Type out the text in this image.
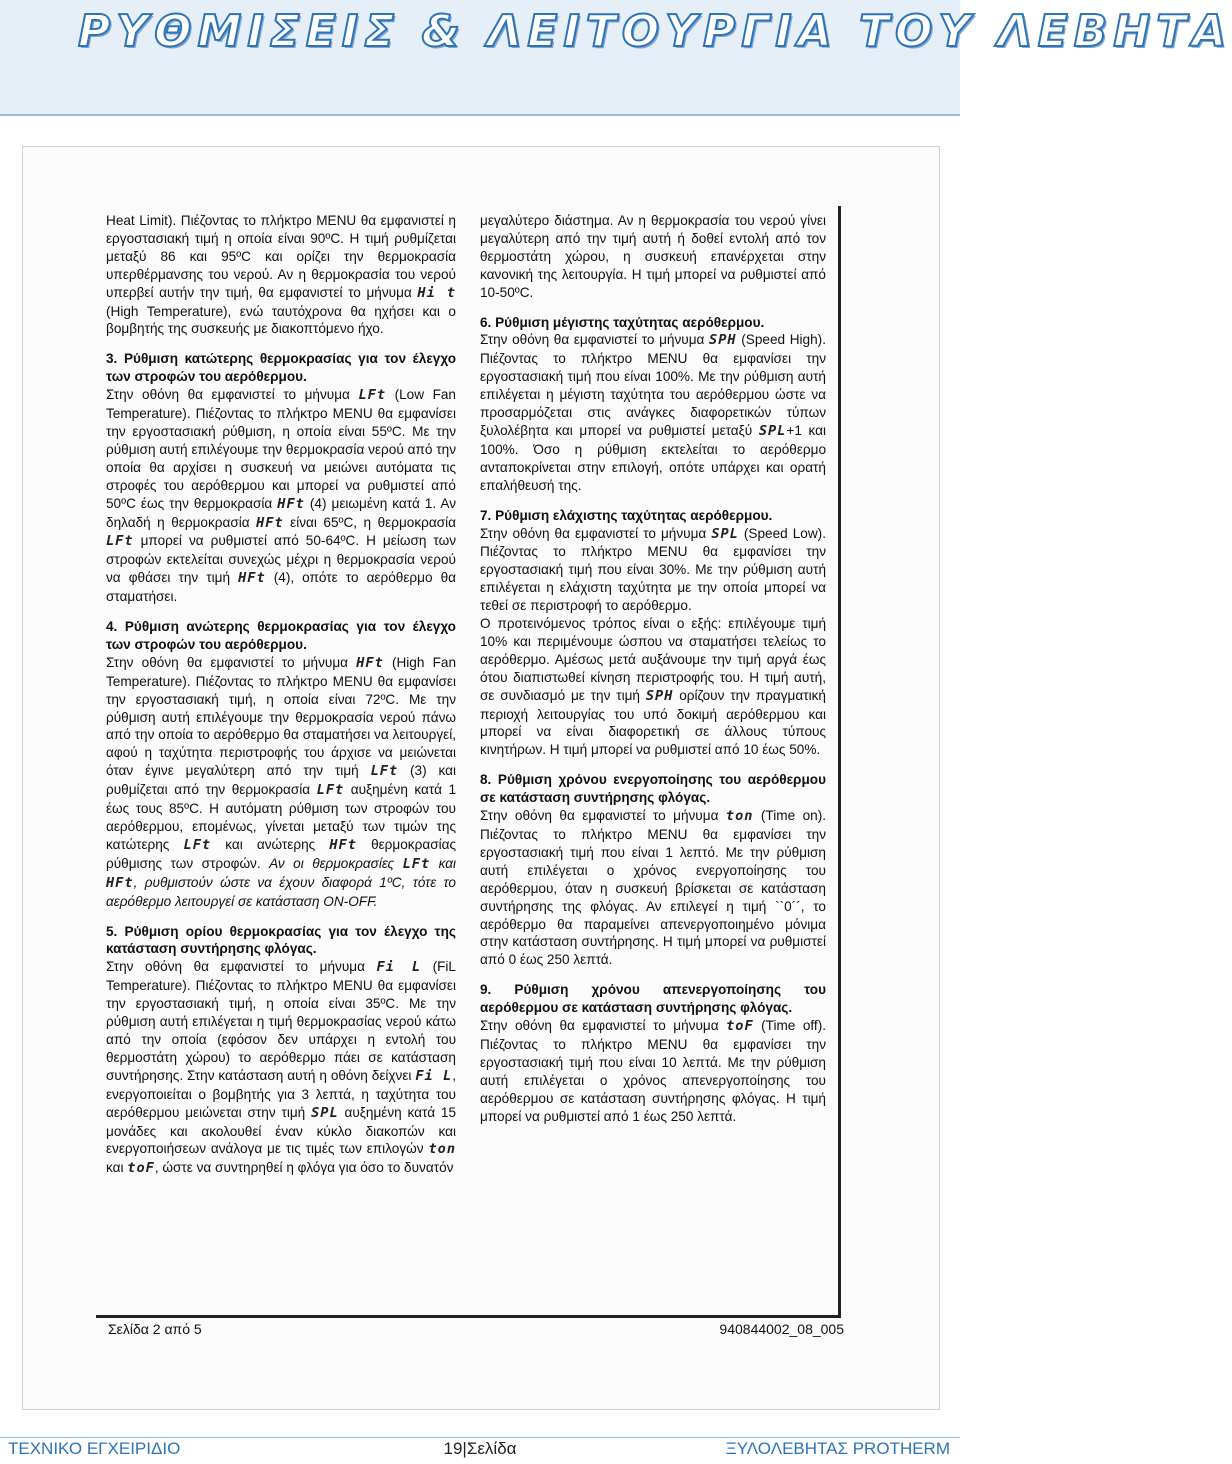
ΡΥΘΜΙΣΕΙΣ & ΛΕΙΤΟΥΡΓΙΑ ΤΟΥ ΛΕΒΗΤΑ

Heat Limit). Πιέζοντας το πλήκτρο MENU θα εμφανιστεί η εργοστασιακή τιμή η οποία είναι 90ºC. Η τιμή ρυθμίζεται μεταξύ 86 και 95ºC και ορίζει την θερμοκρασία υπερθέρμανσης του νερού. Αν η θερμοκρασία του νερού υπερβεί αυτήν την τιμή, θα εμφανιστεί το μήνυμα Hi t (High Temperature), ενώ ταυτόχρονα θα ηχήσει και ο βομβητής της συσκευής με διακοπτόμενο ήχο.

3. Ρύθμιση κατώτερης θερμοκρασίας για τον έλεγχο των στροφών του αερόθερμου.

Στην οθόνη θα εμφανιστεί το μήνυμα LFt (Low Fan Temperature). Πιέζοντας το πλήκτρο MENU θα εμφανίσει την εργοστασιακή ρύθμιση, η οποία είναι 55ºC. Με την ρύθμιση αυτή επιλέγουμε την θερμοκρασία νερού από την οποία θα αρχίσει η συσκευή να μειώνει αυτόματα τις στροφές του αερόθερμου και μπορεί να ρυθμιστεί από 50ºC έως την θερμοκρασία HFt (4) μειωμένη κατά 1. Αν δηλαδή η θερμοκρασία HFt είναι 65ºC, η θερμοκρασία LFt μπορεί να ρυθμιστεί από 50-64ºC. Η μείωση των στροφών εκτελείται συνεχώς μέχρι η θερμοκρασία νερού να φθάσει την τιμή HFt (4), οπότε το αερόθερμο θα σταματήσει.

4. Ρύθμιση ανώτερης θερμοκρασίας για τον έλεγχο των στροφών του αερόθερμου.

Στην οθόνη θα εμφανιστεί το μήνυμα HFt (High Fan Temperature). Πιέζοντας το πλήκτρο MENU θα εμφανίσει την εργοστασιακή τιμή, η οποία είναι 72ºC. Με την ρύθμιση αυτή επιλέγουμε την θερμοκρασία νερού πάνω από την οποία το αερόθερμο θα σταματήσει να λειτουργεί, αφού η ταχύτητα περιστροφής του άρχισε να μειώνεται όταν έγινε μεγαλύτερη από την τιμή LFt (3) και ρυθμίζεται από την θερμοκρασία LFt αυξημένη κατά 1 έως τους 85ºC. Η αυτόματη ρύθμιση των στροφών του αερόθερμου, επομένως, γίνεται μεταξύ των τιμών της κατώτερης LFt και ανώτερης HFt θερμοκρασίας ρύθμισης των στροφών. Αν οι θερμοκρασίες LFt και HFt, ρυθμιστούν ώστε να έχουν διαφορά 1ºC, τότε το αερόθερμο λειτουργεί σε κατάσταση ON-OFF.

5. Ρύθμιση ορίου θερμοκρασίας για τον έλεγχο της κατάσταση συντήρησης φλόγας.

Στην οθόνη θα εμφανιστεί το μήνυμα Fi L (FiL Temperature). Πιέζοντας το πλήκτρο MENU θα εμφανίσει την εργοστασιακή τιμή, η οποία είναι 35ºC. Με την ρύθμιση αυτή επιλέγεται η τιμή θερμοκρασίας νερού κάτω από την οποία (εφόσον δεν υπάρχει η εντολή του θερμοστάτη χώρου) το αερόθερμο πάει σε κατάσταση συντήρησης. Στην κατάσταση αυτή η οθόνη δείχνει Fi L, ενεργοποιείται ο βομβητής για 3 λεπτά, η ταχύτητα του αερόθερμου μειώνεται στην τιμή SPL αυξημένη κατά 15 μονάδες και ακολουθεί έναν κύκλο διακοπών και ενεργοποιήσεων ανάλογα με τις τιμές των επιλογών ton και toF, ώστε να συντηρηθεί η φλόγα για όσο το δυνατόν

μεγαλύτερο διάστημα. Αν η θερμοκρασία του νερού γίνει μεγαλύτερη από την τιμή αυτή ή δοθεί εντολή από τον θερμοστάτη χώρου, η συσκευή επανέρχεται στην κανονική της λειτουργία. Η τιμή μπορεί να ρυθμιστεί από 10-50ºC.

6. Ρύθμιση μέγιστης ταχύτητας αερόθερμου.

Στην οθόνη θα εμφανιστεί το μήνυμα SPH (Speed High). Πιέζοντας το πλήκτρο MENU θα εμφανίσει την εργοστασιακή τιμή που είναι 100%. Με την ρύθμιση αυτή επιλέγεται η μέγιστη ταχύτητα του αερόθερμου ώστε να προσαρμόζεται στις ανάγκες διαφορετικών τύπων ξυλολέβητα και μπορεί να ρυθμιστεί μεταξύ SPL+1 και 100%. Όσο η ρύθμιση εκτελείται το αερόθερμο ανταποκρίνεται στην επιλογή, οπότε υπάρχει και ορατή επαλήθευσή της.

7. Ρύθμιση ελάχιστης ταχύτητας αερόθερμου.

Στην οθόνη θα εμφανιστεί το μήνυμα SPL (Speed Low). Πιέζοντας το πλήκτρο MENU θα εμφανίσει την εργοστασιακή τιμή που είναι 30%. Με την ρύθμιση αυτή επιλέγεται η ελάχιστη ταχύτητα με την οποία μπορεί να τεθεί σε περιστροφή το αερόθερμο.

Ο προτεινόμενος τρόπος είναι ο εξής: επιλέγουμε τιμή 10% και περιμένουμε ώσπου να σταματήσει τελείως το αερόθερμο. Αμέσως μετά αυξάνουμε την τιμή αργά έως ότου διαπιστωθεί κίνηση περιστροφής του. Η τιμή αυτή, σε συνδιασμό με την τιμή SPH ορίζουν την πραγματική περιοχή λειτουργίας του υπό δοκιμή αερόθερμου και μπορεί να είναι διαφορετική σε άλλους τύπους κινητήρων. Η τιμή μπορεί να ρυθμιστεί από 10 έως 50%.

8. Ρύθμιση χρόνου ενεργοποίησης του αερόθερμου σε κατάσταση συντήρησης φλόγας.

Στην οθόνη θα εμφανιστεί το μήνυμα ton (Time on). Πιέζοντας το πλήκτρο MENU θα εμφανίσει την εργοστασιακή τιμή που είναι 1 λεπτό. Με την ρύθμιση αυτή επιλέγεται ο χρόνος ενεργοποίησης του αερόθερμου, όταν η συσκευή βρίσκεται σε κατάσταση συντήρησης της φλόγας. Αν επιλεγεί η τιμή ``0´´, το αερόθερμο θα παραμείνει απενεργοποιημένο μόνιμα στην κατάσταση συντήρησης. Η τιμή μπορεί να ρυθμιστεί από 0 έως 250 λεπτά.

9. Ρύθμιση χρόνου απενεργοποίησης του αερόθερμου σε κατάσταση συντήρησης φλόγας.

Στην οθόνη θα εμφανιστεί το μήνυμα toF (Time off). Πιέζοντας το πλήκτρο MENU θα εμφανίσει την εργοστασιακή τιμή που είναι 10 λεπτά. Με την ρύθμιση αυτή επιλέγεται ο χρόνος απενεργοποίησης του αερόθερμου σε κατάσταση συντήρησης φλόγας. Η τιμή μπορεί να ρυθμιστεί από 1 έως 250 λεπτά.

Σελίδα 2 από 5	940844002_08_005
ΤΕΧΝΙΚΟ ΕΓΧΕΙΡΙΔΙΟ	19|Σελίδα	ΞΥΛΟΛΕΒΗΤΑΣ PROTHERM
